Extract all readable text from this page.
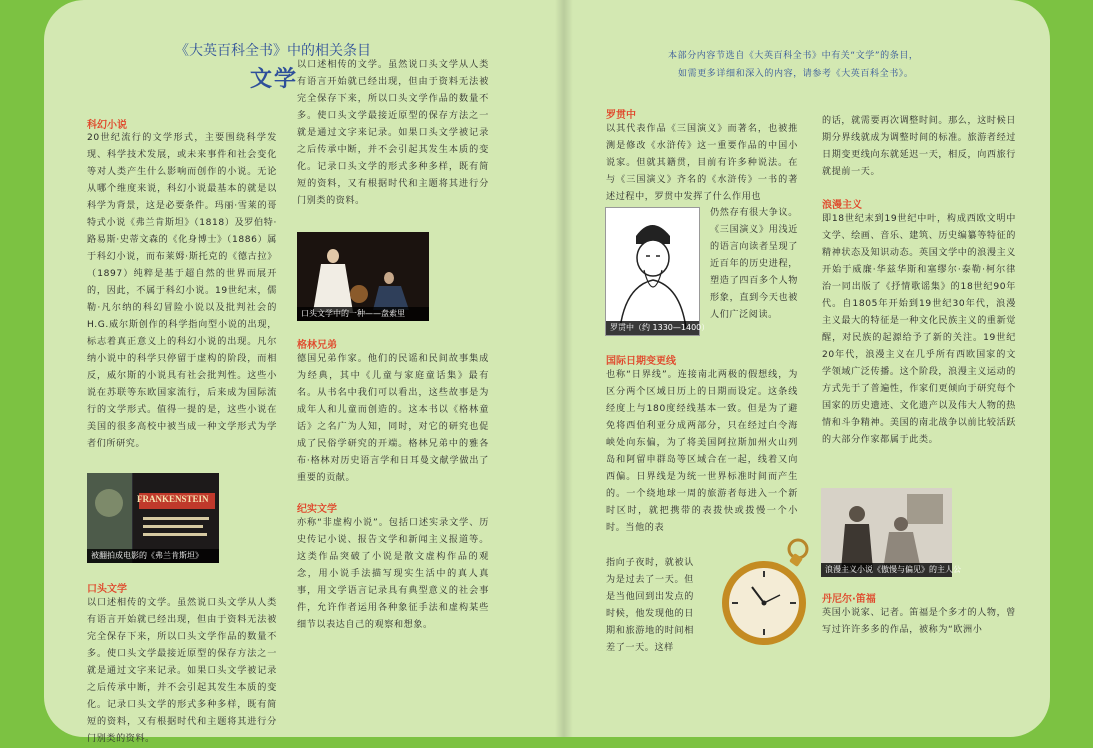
《大英百科全书》中的相关条目
文学
本部分内容节选自《大英百科全书》中有关“文学”的条目，
如需更多详细和深入的内容，请参考《大英百科全书》。
科幻小说

20世纪流行的文学形式，主要围绕科学发现、科学技术发展，或未来事件和社会变化等对人类产生什么影响而创作的小说。无论从哪个维度来说，科幻小说最基本的就是以科学为背景，这是必要条件。玛丽·雪莱的哥特式小说《弗兰肯斯坦》（1818）及罗伯特·路易斯·史蒂文森的《化身博士》（1886）属于科幻小说，而布莱姆·斯托克的《德古拉》（1897）纯粹是基于超自然的世界而展开的，因此，不属于科幻小说。19世纪末，儒勒·凡尔纳的科幻冒险小说以及批判社会的H.G.威尔斯创作的科学指向型小说的出现，标志着真正意义上的科幻小说的出现。凡尔纳小说中的科学只停留于虚构的阶段，而相反，威尔斯的小说具有社会批判性。这些小说在苏联等东欧国家流行，后来成为国际流行的文学形式。值得一提的是，这些小说在美国的很多高校中被当成一种文学形式为学者们所研究。

FRANKENSTEIN
被翻拍成电影的《弗兰肯斯坦》
口头文学

以口述相传的文学。虽然说口头文学从人类有语言开始就已经出现，但由于资料无法被完全保存下来，所以口头文学作品的数量不多。使口头文学最接近原型的保存方法之一就是通过文字来记录。如果口头文学被记录之后传承中断，并不会引起其发生本质的变化。记录口头文学的形式多种多样，既有简短的资料，又有根据时代和主题将其进行分门别类的资料。

以口述相传的文学。虽然说口头文学从人类有语言开始就已经出现，但由于资料无法被完全保存下来，所以口头文学作品的数量不多。使口头文学最接近原型的保存方法之一就是通过文字来记录。如果口头文学被记录之后传承中断，并不会引起其发生本质的变化。记录口头文学的形式多种多样，既有简短的资料，又有根据时代和主题将其进行分门别类的资料。

口头文学中的一种——盘索里
格林兄弟

德国兄弟作家。他们的民谣和民间故事集成为经典，其中《儿童与家庭童话集》最有名。从书名中我们可以看出，这些故事是为成年人和儿童而创造的。这本书以《格林童话》之名广为人知，同时，对它的研究也促成了民俗学研究的开端。格林兄弟中的雅各布·格林对历史语言学和日耳曼文献学做出了重要的贡献。

纪实文学

亦称“非虚构小说”。包括口述实录文学、历史传记小说、报告文学和新闻主义报道等。这类作品突破了小说是散文虚构作品的观念，用小说手法描写现实生活中的真人真事，用文学语言记录具有典型意义的社会事件，允许作者运用各种象征手法和虚构某些细节以表达自己的观察和想象。

罗贯中

以其代表作品《三国演义》而著名，也被推测是修改《水浒传》这一重要作品的中国小说家。但就其籍贯，目前有许多种说法。在与《三国演义》齐名的《水浒传》一书的著述过程中，罗贯中发挥了什么作用也

罗贯中（约 1330—1400）

仍然存有很大争议。《三国演义》用浅近的语言向读者呈现了近百年的历史进程，塑造了四百多个人物形象，直到今天也被人们广泛阅读。

国际日期变更线

也称“日界线”。连接南北两极的假想线，为区分两个区域日历上的日期而设定。这条线经度上与180度经线基本一致。但是为了避免将西伯利亚分成两部分，只在经过白令海峡处向东偏，为了将美国阿拉斯加州火山列岛和阿留申群岛等区域合在一起，线着又向西偏。日界线是为统一世界标准时间而产生的。一个绕地球一周的旅游者每进入一个新时区时，就把携带的表拨快或拨慢一个小时。当他的表

指向子夜时，就被认为是过去了一天。但是当他回到出发点的时候，他发现他的日期和旅游地的时间相差了一天。这样

的话，就需要再次调整时间。那么，这时候日期分界线就成为调整时间的标准。旅游者经过日期变更线向东就延迟一天，相反，向西旅行就提前一天。

浪漫主义

即18世纪末到19世纪中叶，构成西欧文明中文学、绘画、音乐、建筑、历史编纂等特征的精神状态及知识动态。英国文学中的浪漫主义开始于威廉·华兹华斯和塞缪尔·泰勒·柯尔律治一同出版了《抒情歌谣集》的18世纪90年代。自1805年开始到19世纪30年代，浪漫主义最大的特征是一种文化民族主义的重新觉醒，对民族的起源给予了新的关注。19世纪20年代，浪漫主义在几乎所有西欧国家的文学领域广泛传播。这个阶段，浪漫主义运动的方式先于了普遍性，作家们更倾向于研究每个国家的历史遗迹、文化遗产以及伟大人物的热情和斗争精神。美国的南北战争以前比较活跃的大部分作家都属于此类。

浪漫主义小说《傲慢与偏见》的主人公
丹尼尔·笛福

英国小说家、记者。笛福是个多才的人物，曾写过许许多多的作品，被称为“欧洲小
